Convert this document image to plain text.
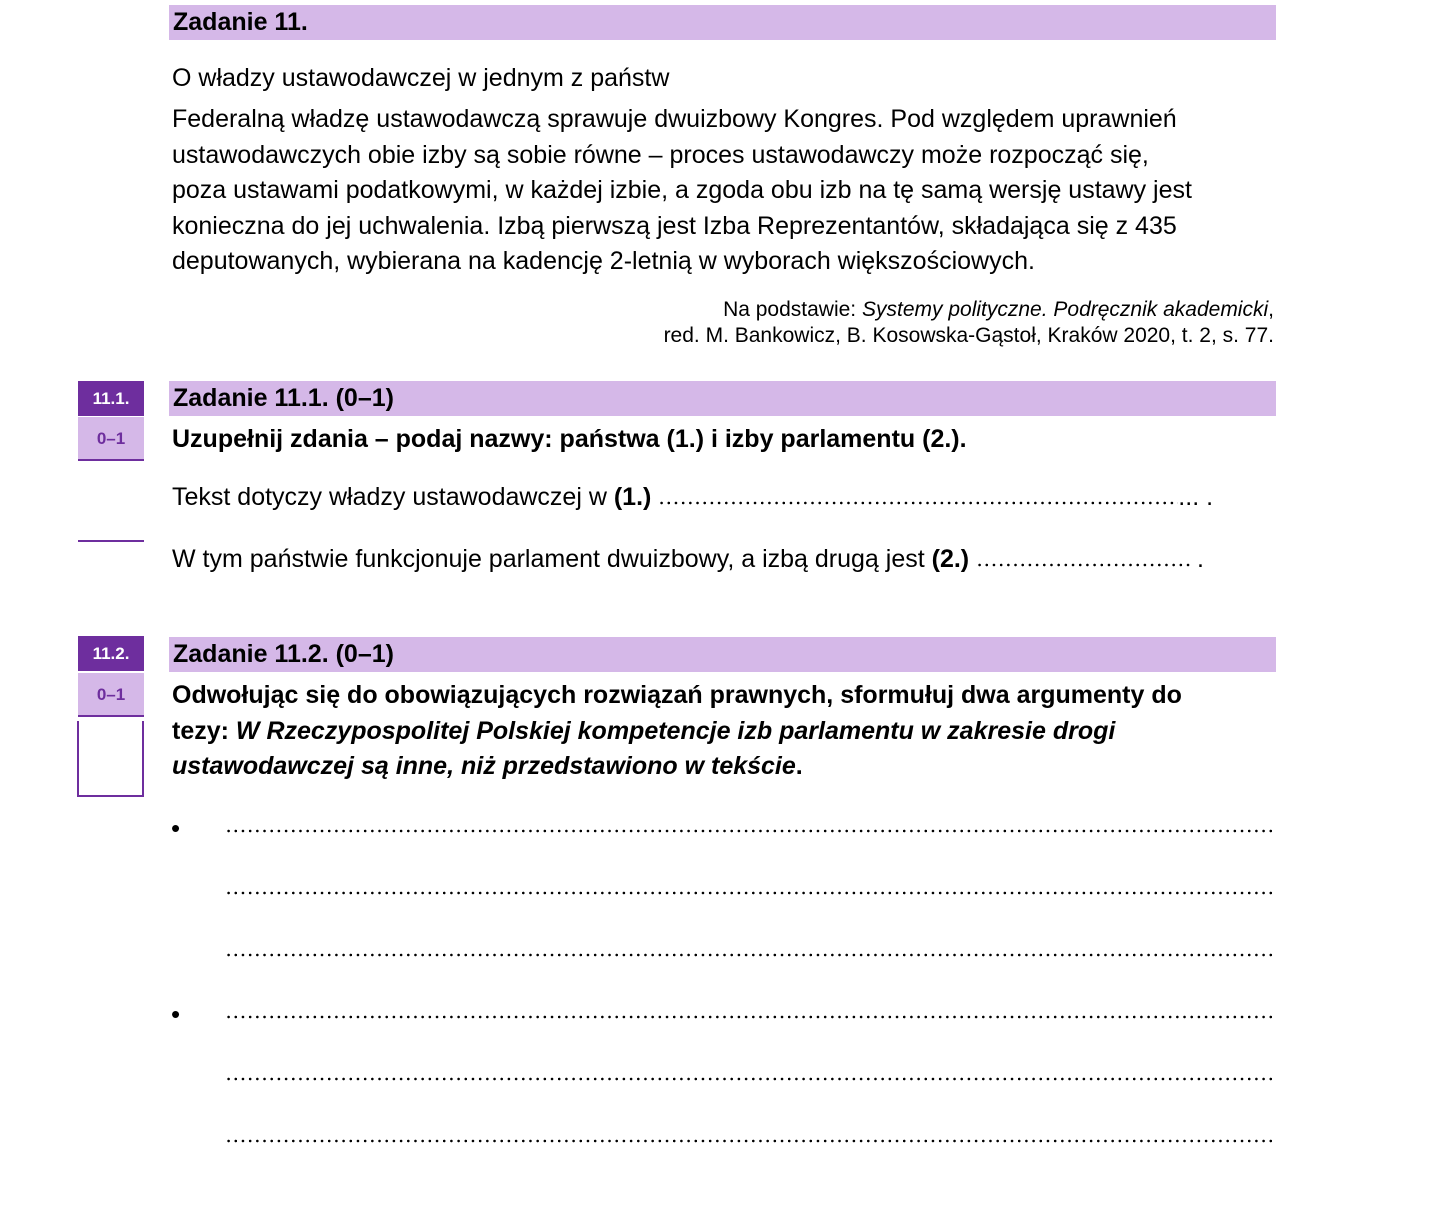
Zadanie 11.
O władzy ustawodawczej w jednym z państw
Federalną władzę ustawodawczą sprawuje dwuizbowy Kongres. Pod względem uprawnień
ustawodawczych obie izby są sobie równe – proces ustawodawczy może rozpocząć się,
poza ustawami podatkowymi, w każdej izbie, a zgoda obu izb na tę samą wersję ustawy jest
konieczna do jej uchwalenia. Izbą pierwszą jest Izba Reprezentantów, składająca się z 435
deputowanych, wybierana na kadencję 2-letnią w wyborach większościowych.
Na podstawie: Systemy polityczne. Podręcznik akademicki,
red. M. Bankowicz, B. Kosowska-Gąstoł, Kraków 2020, t. 2, s. 77.
11.1.
0–1
Zadanie 11.1. (0–1)
Uzupełnij zdania – podaj nazwy: państwa (1.) i izby parlamentu (2.).
Tekst dotyczy władzy ustawodawczej w (1.)	... .
W tym państwie funkcjonuje parlament dwuizbowy, a izbą drugą jest (2.)	.
11.2.
0–1
Zadanie 11.2. (0–1)
Odwołując się do obowiązujących rozwiązań prawnych, sformułuj dwa argumenty do
tezy: W Rzeczypospolitej Polskiej kompetencje izb parlamentu w zakresie drogi
ustawodawczej są inne, niż przedstawiono w tekście.
•
•
